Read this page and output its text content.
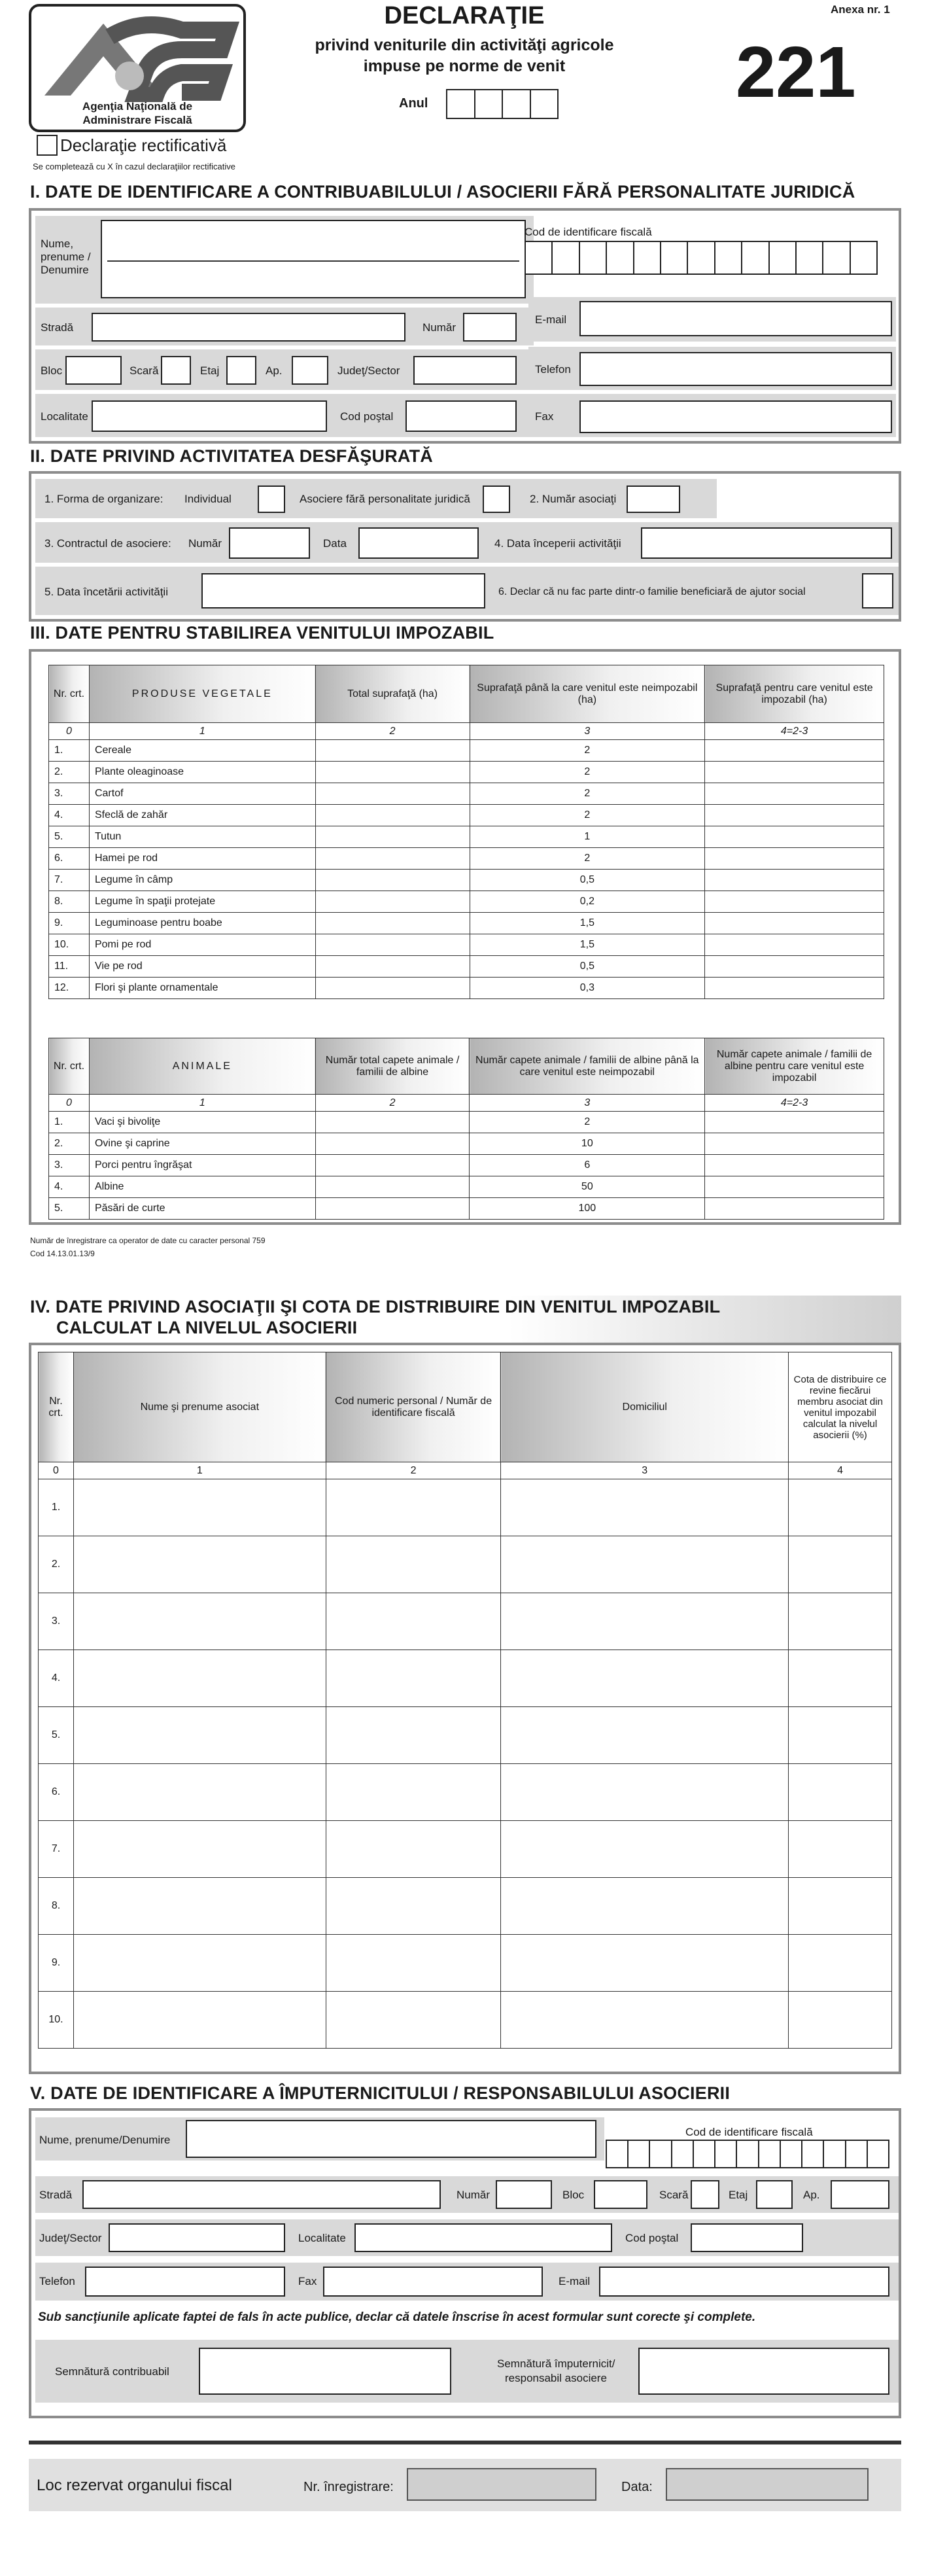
Agenţia Naţională de
Administrare Fiscală
DECLARAŢIE
privind veniturile din activităţi agricole
impuse pe norme de venit
Anul
Anexa nr. 1
221
Declaraţie rectificativă
Se completează cu X în cazul declaraţiilor rectificative
I. DATE DE IDENTIFICARE A CONTRIBUABILULUI / ASOCIERII FĂRĂ PERSONALITATE JURIDICĂ
Nume,
prenume /
Denumire
Cod de identificare fiscală
Stradă	Număr
E-mail
Bloc	Scară	Etaj	Ap.	Judeţ/Sector	Telefon
Localitate	Cod poştal	Fax
II. DATE PRIVIND ACTIVITATEA DESFĂŞURATĂ
1. Forma de organizare: Individual	Asociere fără personalitate juridică	2. Număr asociaţi
3. Contractul de asociere: Număr	Data	4. Data începerii activităţii
5. Data încetării activităţii	6. Declar că nu fac parte dintr-o familie beneficiară de ajutor social
III. DATE PENTRU STABILIREA VENITULUI IMPOZABIL
Nr. crt.	PRODUSE VEGETALE	Total suprafaţă (ha)	Suprafaţă până la care venitul este neimpozabil (ha)	Suprafaţă pentru care venitul este impozabil (ha)
0	1	2	3	4=2-3
1.	Cereale		2	
2.	Plante oleaginoase		2	
3.	Cartof		2	
4.	Sfeclă de zahăr		2	
5.	Tutun		1	
6.	Hamei pe rod		2	
7.	Legume în câmp		0,5	
8.	Legume în spaţii protejate		0,2	
9.	Leguminoase pentru boabe		1,5	
10.	Pomi pe rod		1,5	
11.	Vie pe rod		0,5	
12.	Flori şi plante ornamentale		0,3	
Nr. crt.	ANIMALE	Număr total capete animale / familii de albine	Număr capete animale / familii de albine până la care venitul este neimpozabil	Număr capete animale / familii de albine pentru care venitul este impozabil
0	1	2	3	4=2-3
1.	Vaci şi bivoliţe		2	
2.	Ovine şi caprine		10	
3.	Porci pentru îngrăşat		6	
4.	Albine		50	
5.	Păsări de curte		100	
Număr de înregistrare ca operator de date cu caracter personal 759
Cod 14.13.01.13/9
IV. DATE PRIVIND ASOCIAŢII ŞI COTA DE DISTRIBUIRE DIN VENITUL IMPOZABIL
CALCULAT LA NIVELUL ASOCIERII
Nr. crt.	Nume şi prenume asociat	Cod numeric personal / Număr de identificare fiscală	Domiciliul	Cota de distribuire ce revine fiecărui membru asociat din venitul impozabil calculat la nivelul asocierii (%)
0	1	2	3	4
1.				
2.				
3.				
4.				
5.				
6.				
7.				
8.				
9.				
10.				
V. DATE DE IDENTIFICARE A ÎMPUTERNICITULUI / RESPONSABILULUI ASOCIERII
Nume, prenume/Denumire
Cod de identificare fiscală
Stradă	Număr	Bloc	Scară	Etaj	Ap.
Judeţ/Sector	Localitate	Cod poştal
Telefon	Fax	E-mail
Sub sancţiunile aplicate faptei de fals în acte publice, declar că datele înscrise în acest formular sunt corecte şi complete.
Semnătură contribuabil
Semnătură împuternicit/
responsabil asociere
Loc rezervat organului fiscal	Nr. înregistrare:	Data:
